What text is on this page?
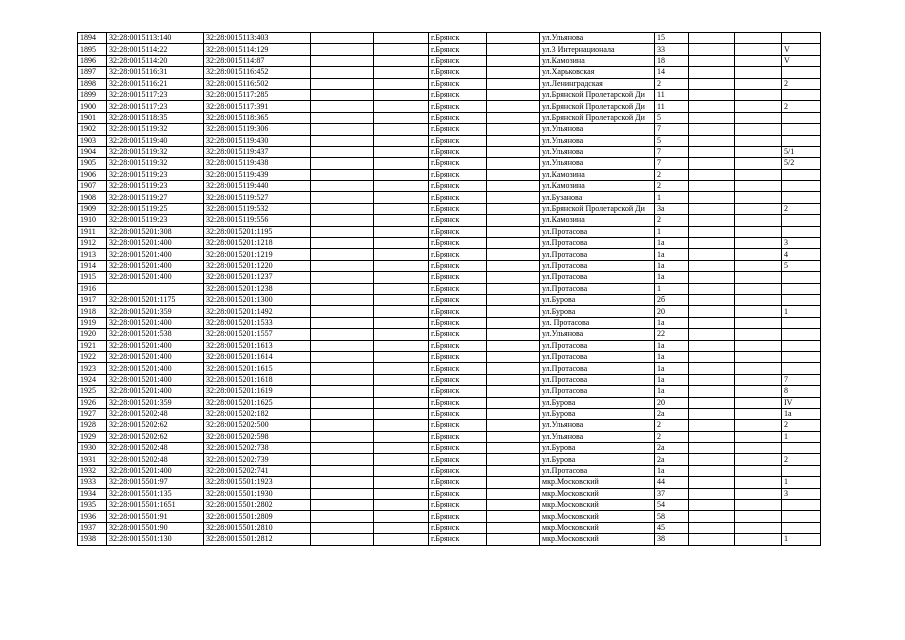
1894	32:28:0015113:140	32:28:0015113:403			г.Брянск		ул.Ульянова	15			
1895	32:28:0015114:22	32:28:0015114:129			г.Брянск		ул.3 Интернационала	33			V
1896	32:28:0015114:20	32:28:0015114:87			г.Брянск		ул.Камозина	18			V
1897	32:28:0015116:31	32:28:0015116:452			г.Брянск		ул.Харьковская	14			
1898	32:28:0015116:21	32:28:0015116:502			г.Брянск		ул.Ленинградская	2			2
1899	32:28:0015117:23	32:28:0015117:285			г.Брянск		ул.Брянской Пролетарской Ди	11			
1900	32:28:0015117:23	32:28:0015117:391			г.Брянск		ул.Брянской Пролетарской Ди	11			2
1901	32:28:0015118:35	32:28:0015118:365			г.Брянск		ул.Брянской Пролетарской Ди	5			
1902	32:28:0015119:32	32:28:0015119:306			г.Брянск		ул.Ульянова	7			
1903	32:28:0015119:40	32:28:0015119:430			г.Брянск		ул.Ульянова	5			
1904	32:28:0015119:32	32:28:0015119:437			г.Брянск		ул.Ульянова	7			5/1
1905	32:28:0015119:32	32:28:0015119:438			г.Брянск		ул.Ульянова	7			5/2
1906	32:28:0015119:23	32:28:0015119:439			г.Брянск		ул.Камозина	2			
1907	32:28:0015119:23	32:28:0015119:440			г.Брянск		ул.Камозина	2			
1908	32:28:0015119:27	32:28:0015119:527			г.Брянск		ул.Бузанова	1			
1909	32:28:0015119:25	32:28:0015119:532			г.Брянск		ул.Брянской Пролетарской Ди	3а			2
1910	32:28:0015119:23	32:28:0015119:556			г.Брянск		ул.Камозина	2			
1911	32:28:0015201:308	32:28:0015201:1195			г.Брянск		ул.Протасова	1			
1912	32:28:0015201:400	32:28:0015201:1218			г.Брянск		ул.Протасова	1а			3
1913	32:28:0015201:400	32:28:0015201:1219			г.Брянск		ул.Протасова	1а			4
1914	32:28:0015201:400	32:28:0015201:1220			г.Брянск		ул.Протасова	1а			5
1915	32:28:0015201:400	32:28:0015201:1237			г.Брянск		ул.Протасова	1а			
1916		32:28:0015201:1238			г.Брянск		ул.Протасова	1			
1917	32:28:0015201:1175	32:28:0015201:1300			г.Брянск		ул.Бурова	2б			
1918	32:28:0015201:359	32:28:0015201:1492			г.Брянск		ул.Бурова	20			1
1919	32:28:0015201:400	32:28:0015201:1533			г.Брянск		ул. Протасова	1а			
1920	32:28:0015201:538	32:28:0015201:1557			г.Брянск		ул.Ульянова	22			
1921	32:28:0015201:400	32:28:0015201:1613			г.Брянск		ул.Протасова	1а			
1922	32:28:0015201:400	32:28:0015201:1614			г.Брянск		ул.Протасова	1а			
1923	32:28:0015201:400	32:28:0015201:1615			г.Брянск		ул.Протасова	1а			
1924	32:28:0015201:400	32:28:0015201:1618			г.Брянск		ул.Протасова	1а			7
1925	32:28:0015201:400	32:28:0015201:1619			г.Брянск		ул.Протасова	1а			8
1926	32:28:0015201:359	32:28:0015201:1625			г.Брянск		ул.Бурова	20			IV
1927	32:28:0015202:48	32:28:0015202:182			г.Брянск		ул.Бурова	2а			1а
1928	32:28:0015202:62	32:28:0015202:500			г.Брянск		ул.Ульянова	2			2
1929	32:28:0015202:62	32:28:0015202:598			г.Брянск		ул.Ульянова	2			1
1930	32:28:0015202:48	32:28:0015202:738			г.Брянск		ул.Бурова	2а			
1931	32:28:0015202:48	32:28:0015202:739			г.Брянск		ул.Бурова	2а			2
1932	32:28:0015201:400	32:28:0015202:741			г.Брянск		ул.Протасова	1а			
1933	32:28:0015501:97	32:28:0015501:1923			г.Брянск		мкр.Московский	44			1
1934	32:28:0015501:135	32:28:0015501:1930			г.Брянск		мкр.Московский	37			3
1935	32:28:0015501:1651	32:28:0015501:2802			г.Брянск		мкр.Московский	54			
1936	32:28:0015501:91	32:28:0015501:2809			г.Брянск		мкр.Московский	58			
1937	32:28:0015501:90	32:28:0015501:2810			г.Брянск		мкр.Московский	45			
1938	32:28:0015501:130	32:28:0015501:2812			г.Брянск		мкр.Московский	38			1
